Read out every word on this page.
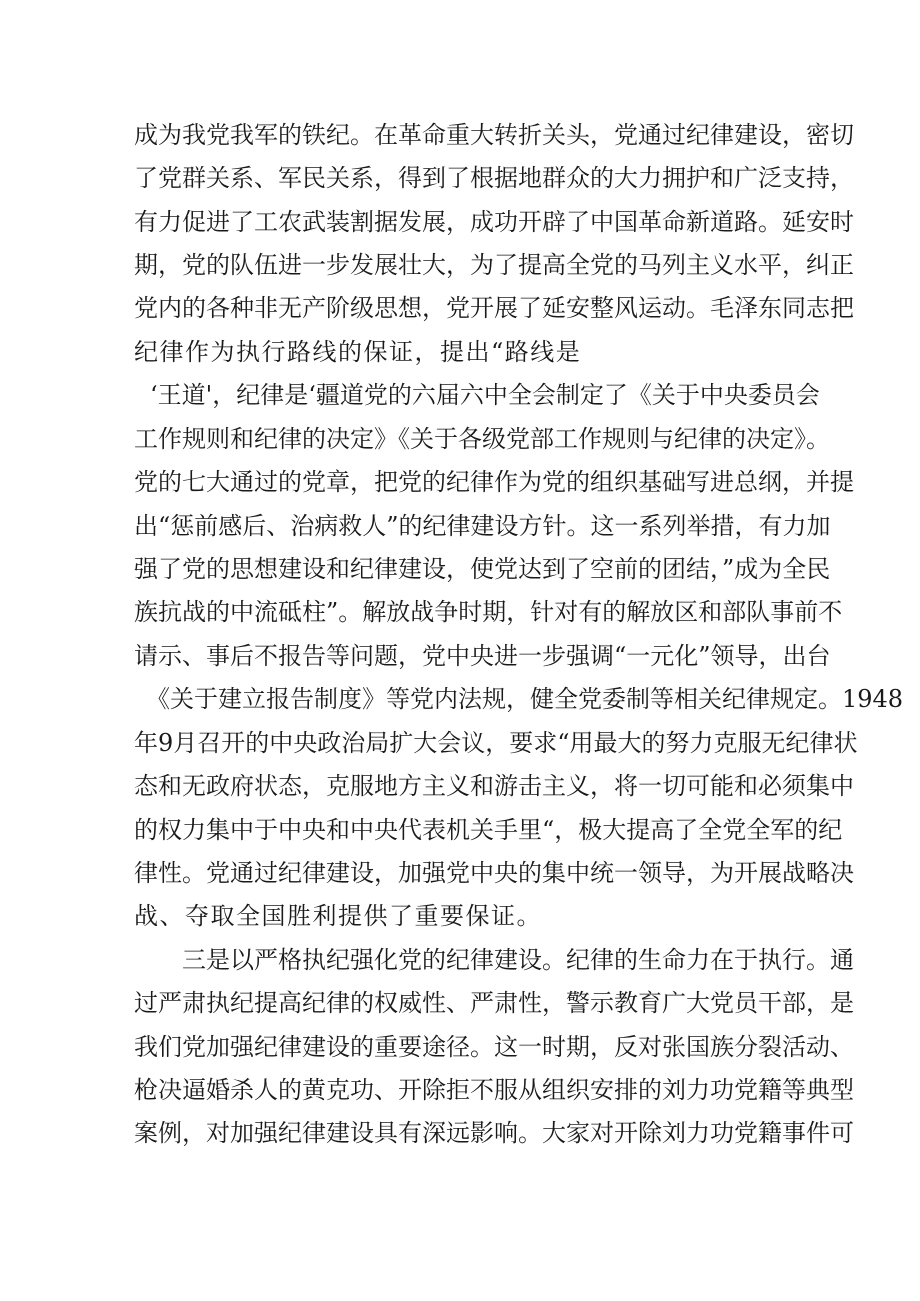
成为我党我军的铁纪。在革命重大转折关头，党通过纪律建设，密切
了党群关系、军民关系，得到了根据地群众的大力拥护和广泛支持，
有力促进了工农武装割据发展，成功开辟了中国革命新道路。延安时
期，党的队伍进一步发展壮大，为了提高全党的马列主义水平，纠正
党内的各种非无产阶级思想，党开展了延安整风运动。毛泽东同志把
纪律作为执行路线的保证，提出“路线是
‘王道'，纪律是‘疆道党的六届六中全会制定了《关于中央委员会
工作规则和纪律的决定》《关于各级党部工作规则与纪律的决定》。
党的七大通过的党章，把党的纪律作为党的组织基础写进总纲，并提
出“惩前感后、治病救人”的纪律建设方针。这一系列举措，有力加
强了党的思想建设和纪律建设，使党达到了空前的团结，”成为全民
族抗战的中流砥柱”。解放战争时期，针对有的解放区和部队事前不
请示、事后不报告等问题，党中央进一步强调“一元化”领导，出台
《关于建立报告制度》等党内法规，健全党委制等相关纪律规定。1948
年9月召开的中央政治局扩大会议，要求“用最大的努力克服无纪律状
态和无政府状态，克服地方主义和游击主义，将一切可能和必须集中
的权力集中于中央和中央代表机关手里“，极大提高了全党全军的纪
律性。党通过纪律建设，加强党中央的集中统一领导，为开展战略决
战、夺取全国胜利提供了重要保证。
三是以严格执纪强化党的纪律建设。纪律的生命力在于执行。通
过严肃执纪提高纪律的权威性、严肃性，警示教育广大党员干部，是
我们党加强纪律建设的重要途径。这一时期，反对张国族分裂活动、
枪决逼婚杀人的黄克功、开除拒不服从组织安排的刘力功党籍等典型
案例，对加强纪律建设具有深远影响。大家对开除刘力功党籍事件可
